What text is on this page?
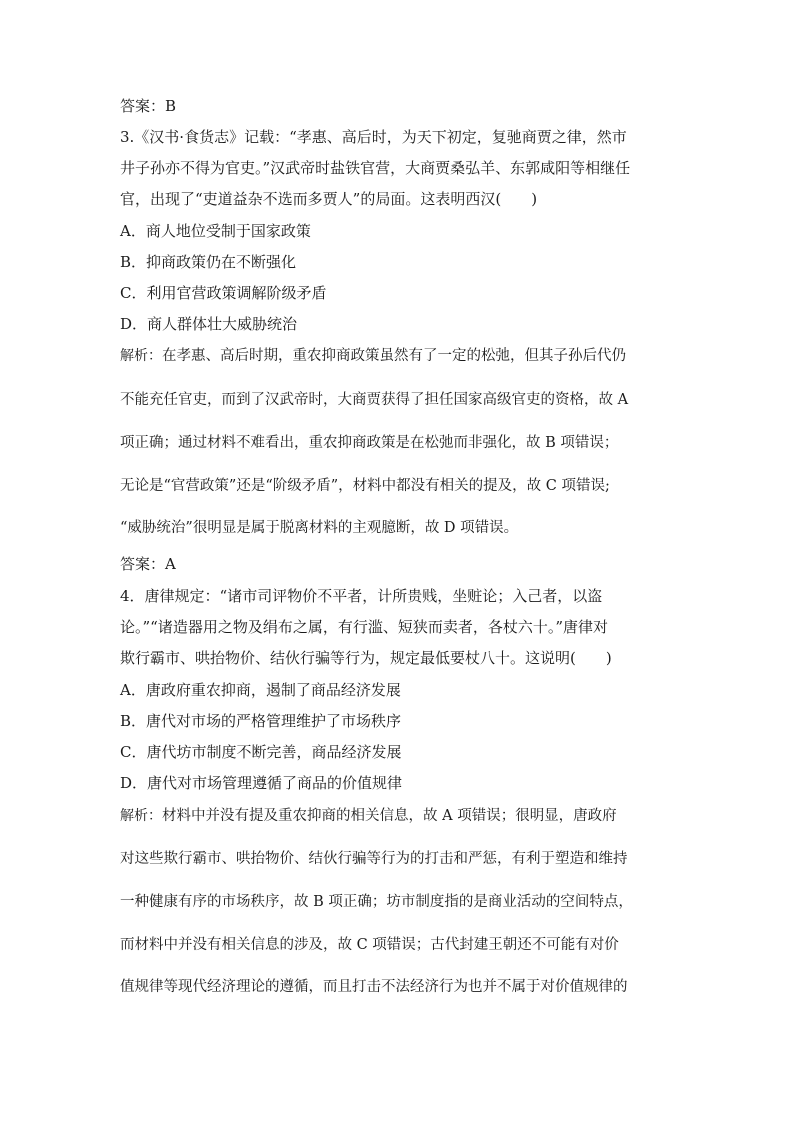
答案：B
3.《汉书·食货志》记载：“孝惠、高后时，为天下初定，复驰商贾之律，然市
井子孙亦不得为官吏。”汉武帝时盐铁官营，大商贾桑弘羊、东郭咸阳等相继任
官，出现了“吏道益杂不选而多贾人”的局面。这表明西汉(　　)
A．商人地位受制于国家政策
B．抑商政策仍在不断强化
C．利用官营政策调解阶级矛盾
D．商人群体壮大威胁统治
解析：在孝惠、高后时期，重农抑商政策虽然有了一定的松弛，但其子孙后代仍
不能充任官吏，而到了汉武帝时，大商贾获得了担任国家高级官吏的资格，故 A
项正确；通过材料不难看出，重农抑商政策是在松弛而非强化，故 B 项错误；
无论是“官营政策”还是“阶级矛盾”，材料中都没有相关的提及，故 C 项错误;
“威胁统治”很明显是属于脱离材料的主观臆断，故 D 项错误。
答案：A
4．唐律规定：“诸市司评物价不平者，计所贵贱，坐赃论；入己者，以盗
论。”“诸造器用之物及绢布之属，有行滥、短狭而卖者，各杖六十。”唐律对
欺行霸市、哄抬物价、结伙行骗等行为，规定最低要杖八十。这说明(　　)
A．唐政府重农抑商，遏制了商品经济发展
B．唐代对市场的严格管理维护了市场秩序
C．唐代坊市制度不断完善，商品经济发展
D．唐代对市场管理遵循了商品的价值规律
解析：材料中并没有提及重农抑商的相关信息，故 A 项错误；很明显，唐政府
对这些欺行霸市、哄抬物价、结伙行骗等行为的打击和严惩，有利于塑造和维持
一种健康有序的市场秩序，故 B 项正确；坊市制度指的是商业活动的空间特点，
而材料中并没有相关信息的涉及，故 C 项错误；古代封建王朝还不可能有对价
值规律等现代经济理论的遵循，而且打击不法经济行为也并不属于对价值规律的
